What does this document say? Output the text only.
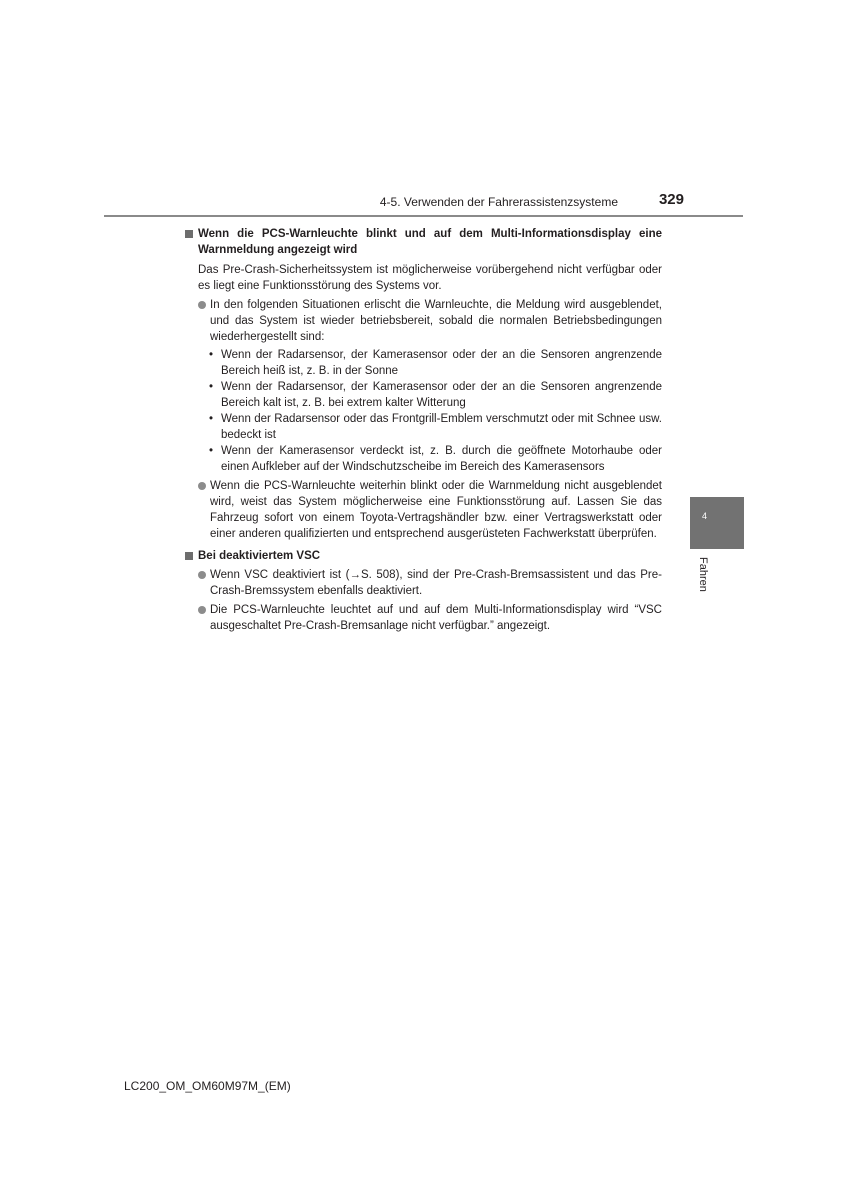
4-5. Verwenden der Fahrerassistenzsysteme	329
Wenn die PCS-Warnleuchte blinkt und auf dem Multi-Informationsdisplay eine Warnmeldung angezeigt wird
Das Pre-Crash-Sicherheitssystem ist möglicherweise vorübergehend nicht verfügbar oder es liegt eine Funktionsstörung des Systems vor.
In den folgenden Situationen erlischt die Warnleuchte, die Meldung wird ausgeblendet, und das System ist wieder betriebsbereit, sobald die normalen Betriebsbedingungen wiederhergestellt sind:
• Wenn der Radarsensor, der Kamerasensor oder der an die Sensoren angrenzende Bereich heiß ist, z. B. in der Sonne
• Wenn der Radarsensor, der Kamerasensor oder der an die Sensoren angrenzende Bereich kalt ist, z. B. bei extrem kalter Witterung
• Wenn der Radarsensor oder das Frontgrill-Emblem verschmutzt oder mit Schnee usw. bedeckt ist
• Wenn der Kamerasensor verdeckt ist, z. B. durch die geöffnete Motorhaube oder einen Aufkleber auf der Windschutzscheibe im Bereich des Kamerasensors
Wenn die PCS-Warnleuchte weiterhin blinkt oder die Warnmeldung nicht ausgeblendet wird, weist das System möglicherweise eine Funktionsstörung auf. Lassen Sie das Fahrzeug sofort von einem Toyota-Vertragshändler bzw. einer Vertragswerkstatt oder einer anderen qualifizierten und entsprechend ausgerüsteten Fachwerkstatt überprüfen.
Bei deaktiviertem VSC
Wenn VSC deaktiviert ist (→S. 508), sind der Pre-Crash-Bremsassistent und das Pre-Crash-Bremssystem ebenfalls deaktiviert.
Die PCS-Warnleuchte leuchtet auf und auf dem Multi-Informationsdisplay wird “VSC ausgeschaltet Pre-Crash-Bremsanlage nicht verfügbar.” angezeigt.
4
Fahren
LC200_OM_OM60M97M_(EM)
